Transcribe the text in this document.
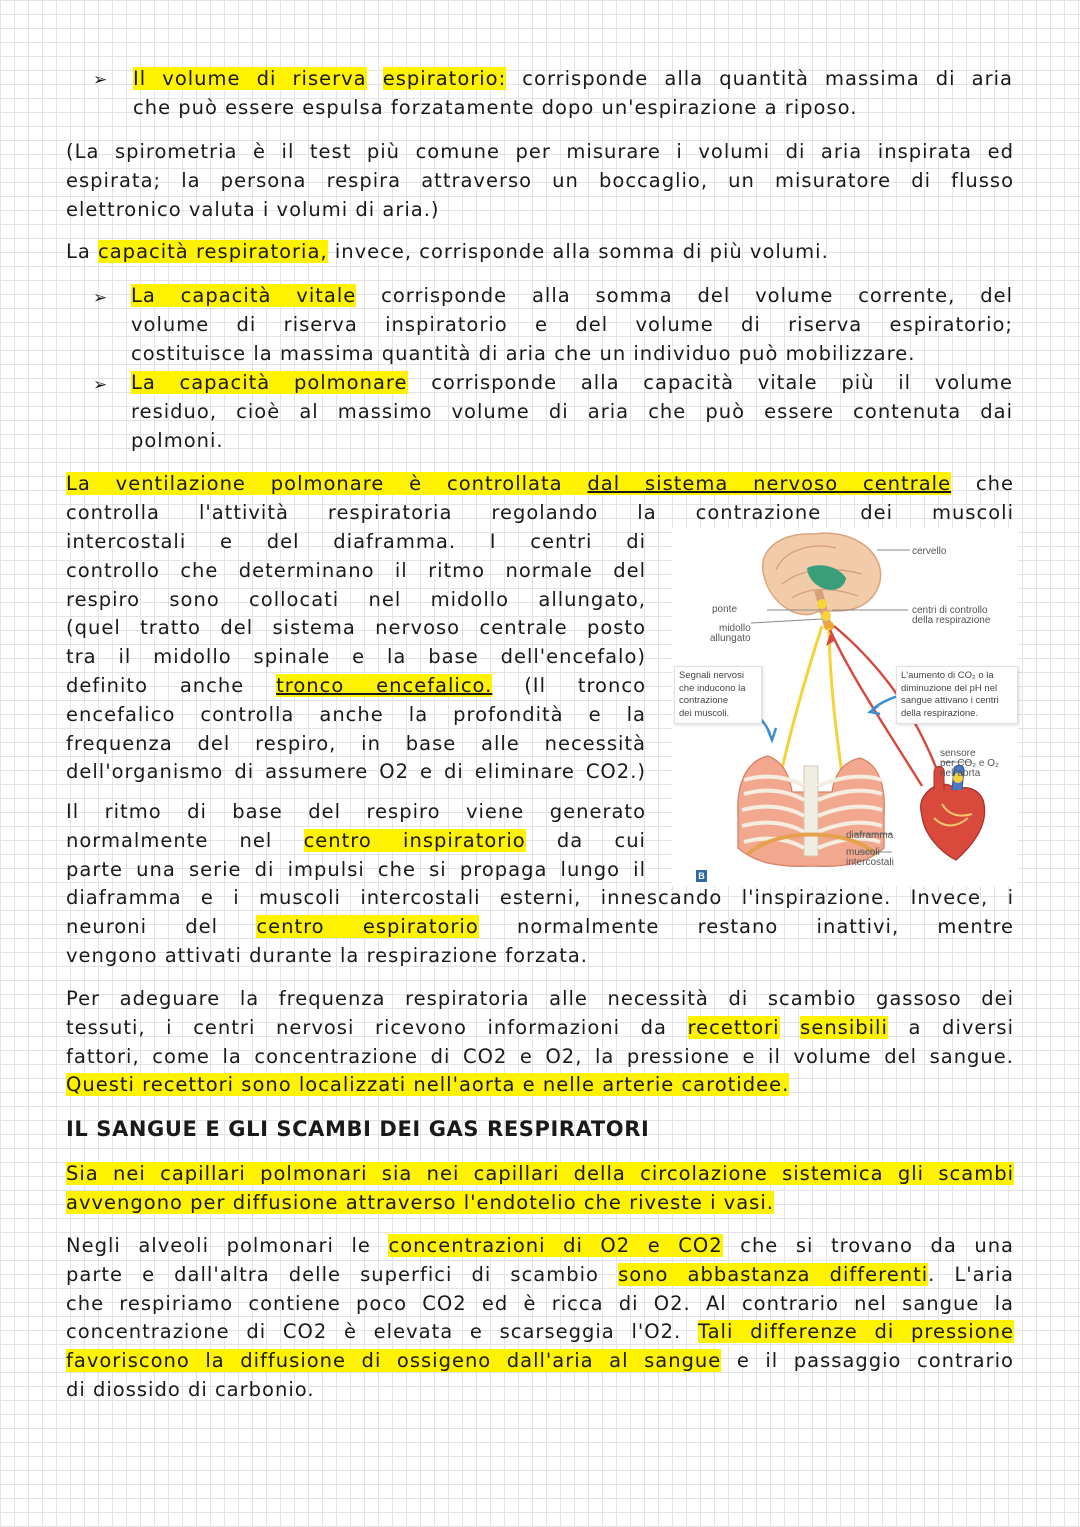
➢ Il volume di riserva espiratorio: corrisponde alla quantità massima di aria
che può essere espulsa forzatamente dopo un'espirazione a riposo.
(La spirometria è il test più comune per misurare i volumi di aria inspirata ed
espirata; la persona respira attraverso un boccaglio, un misuratore di flusso
elettronico valuta i volumi di aria.)
La capacità respiratoria, invece, corrisponde alla somma di più volumi.
➢ La capacità vitale corrisponde alla somma del volume corrente, del
volume di riserva inspiratorio e del volume di riserva espiratorio;
costituisce la massima quantità di aria che un individuo può mobilizzare.
➢ La capacità polmonare corrisponde alla capacità vitale più il volume
residuo, cioè al massimo volume di aria che può essere contenuta dai
polmoni.
La ventilazione polmonare è controllata dal sistema nervoso centrale che
controlla l'attività respiratoria regolando la contrazione dei muscoli
intercostali e del diaframma. I centri di
controllo che determinano il ritmo normale del
respiro sono collocati nel midollo allungato,
(quel tratto del sistema nervoso centrale posto
tra il midollo spinale e la base dell'encefalo)
definito anche tronco encefalico. (Il tronco
encefalico controlla anche la profondità e la
frequenza del respiro, in base alle necessità
dell'organismo di assumere O2 e di eliminare CO2.)
Il ritmo di base del respiro viene generato
normalmente nel centro inspiratorio da cui
parte una serie di impulsi che si propaga lungo il
diaframma e i muscoli intercostali esterni, innescando l'inspirazione. Invece, i
neuroni del centro espiratorio normalmente restano inattivi, mentre
vengono attivati durante la respirazione forzata.
Per adeguare la frequenza respiratoria alle necessità di scambio gassoso dei
tessuti, i centri nervosi ricevono informazioni da recettori sensibili a diversi
fattori, come la concentrazione di CO2 e O2, la pressione e il volume del sangue.
Questi recettori sono localizzati nell'aorta e nelle arterie carotidee.
IL SANGUE E GLI SCAMBI DEI GAS RESPIRATORI
Sia nei capillari polmonari sia nei capillari della circolazione sistemica gli scambi
avvengono per diffusione attraverso l'endotelio che riveste i vasi.
Negli alveoli polmonari le concentrazioni di O2 e CO2 che si trovano da una
parte e dall'altra delle superfici di scambio sono abbastanza differenti. L'aria
che respiriamo contiene poco CO2 ed è ricca di O2. Al contrario nel sangue la
concentrazione di CO2 è elevata e scarseggia l'O2. Tali differenze di pressione
favoriscono la diffusione di ossigeno dall'aria al sangue e il passaggio contrario
di diossido di carbonio.
cervello
ponte
midollo
allungato
centri di controllo
della respirazione
Segnali nervosi
che inducono la
contrazione
dei muscoli.
L'aumento di CO₂ o la
diminuzione del pH nel
sangue attivano i centri
della respirazione.
sensore
per CO₂ e O₂
nell'aorta
diaframma
muscoli
intercostali
B
